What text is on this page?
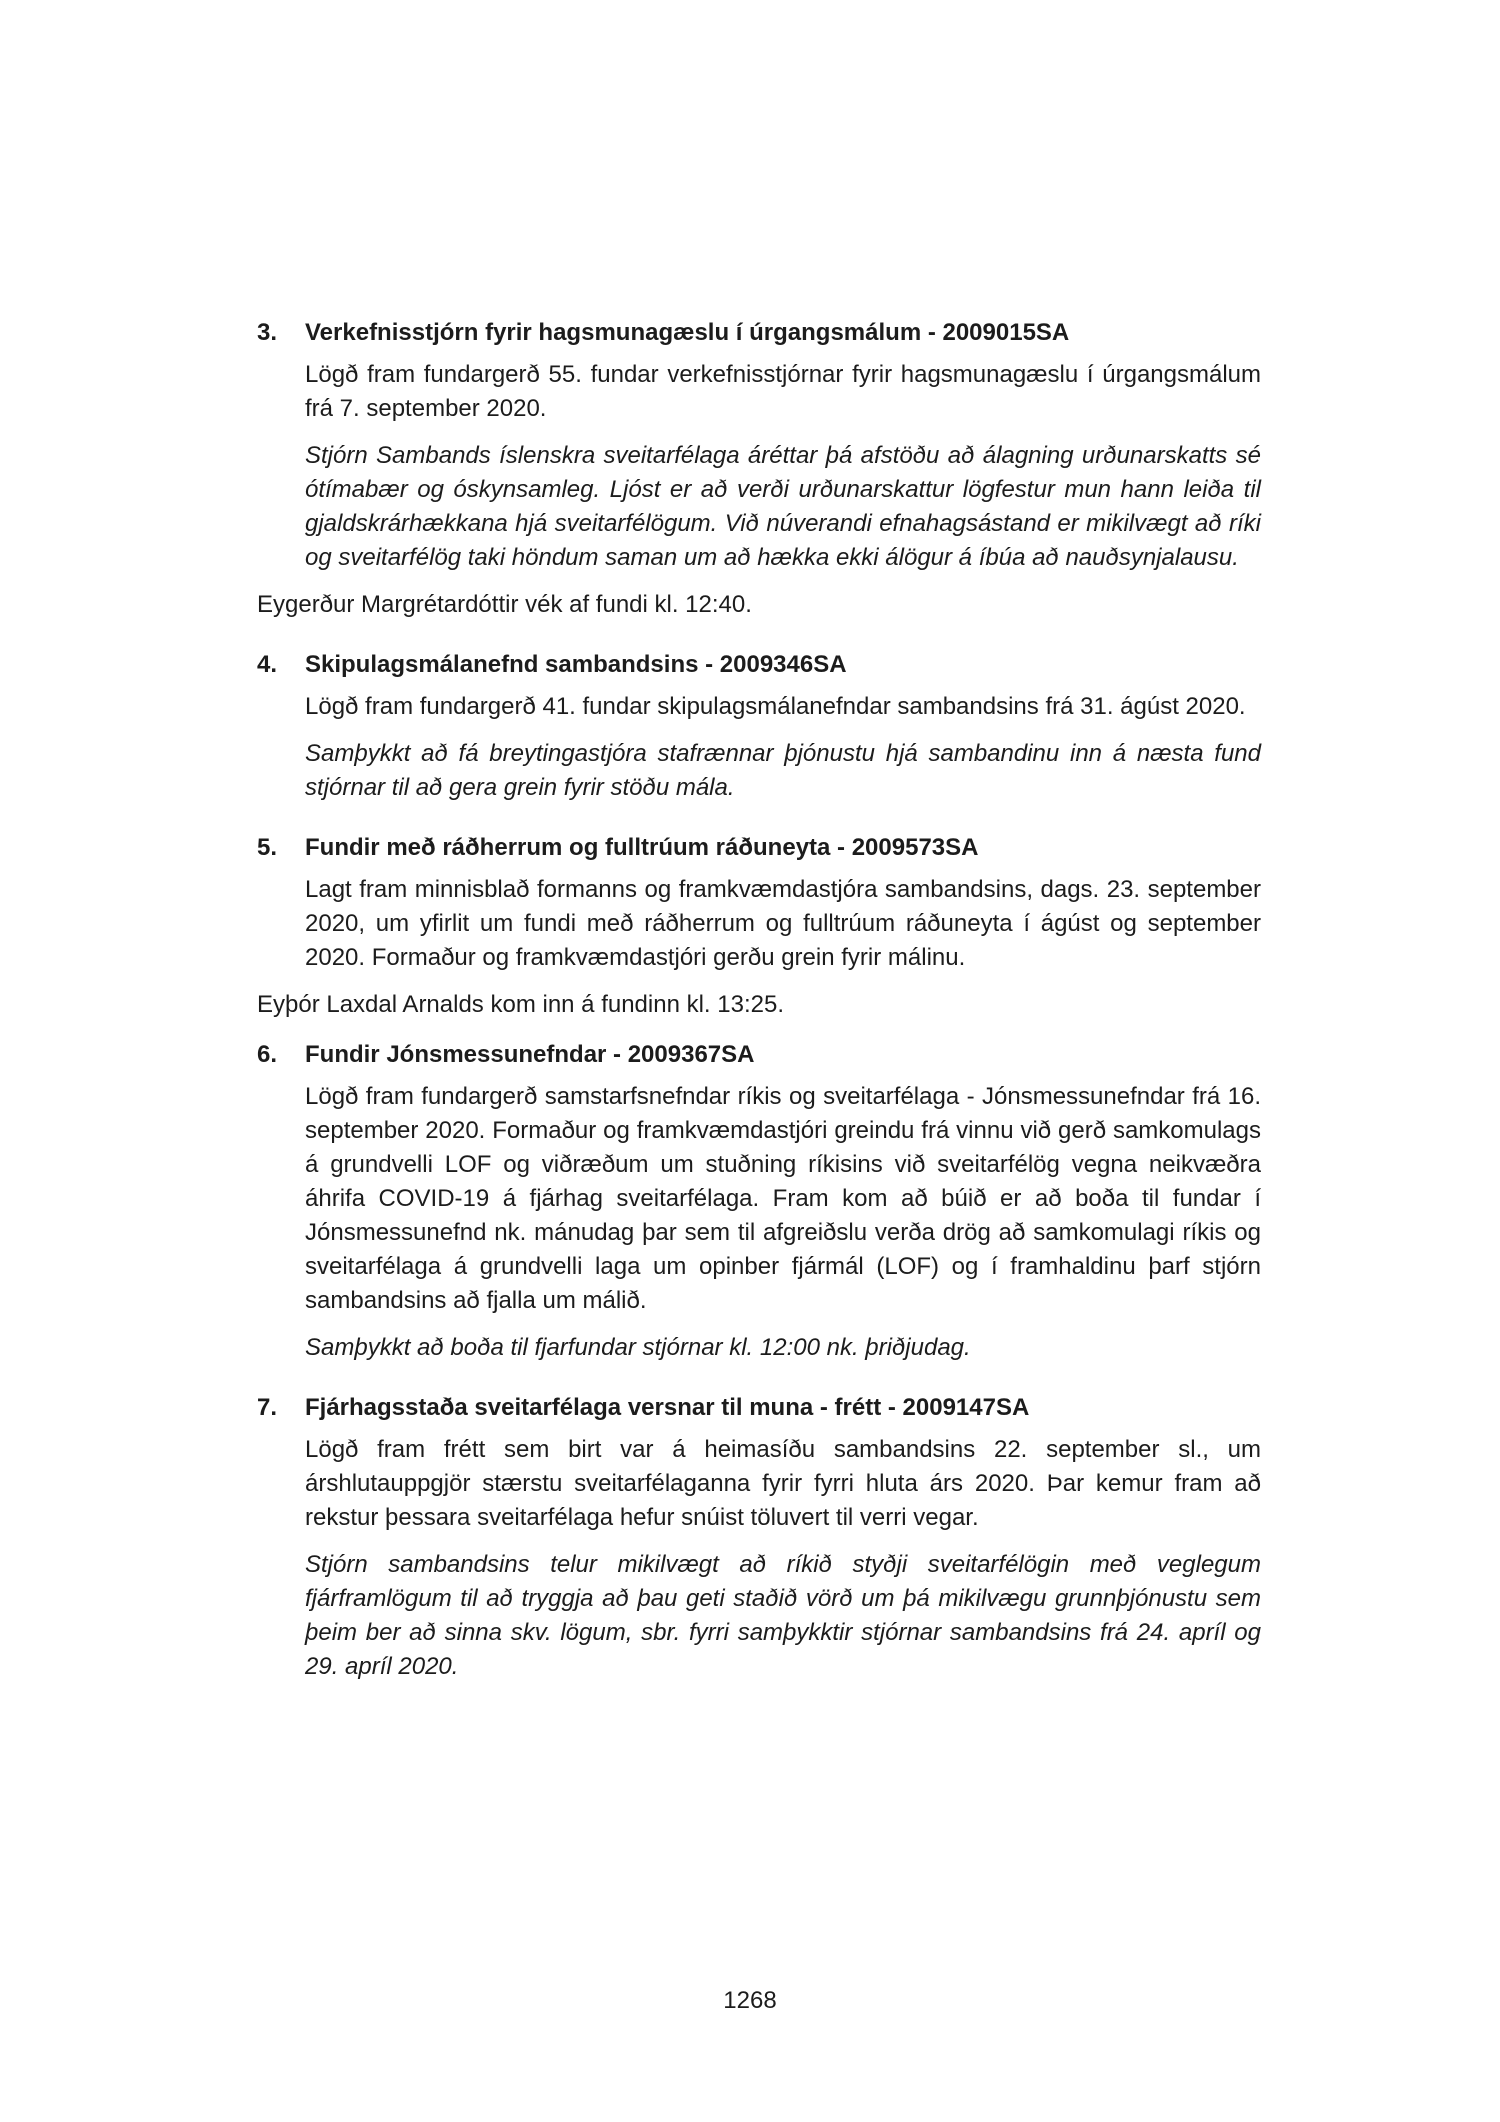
3.	Verkefnisstjórn fyrir hagsmunagæslu í úrgangsmálum - 2009015SA

Lögð fram fundargerð 55. fundar verkefnisstjórnar fyrir hagsmunagæslu í úrgangsmálum frá 7. september 2020.

Stjórn Sambands íslenskra sveitarfélaga áréttar þá afstöðu að álagning urðunarskatts sé ótímabær og óskynsamleg. Ljóst er að verði urðunarskattur lögfestur mun hann leiða til gjaldskrárhækkana hjá sveitarfélögum. Við núverandi efnahagsástand er mikilvægt að ríki og sveitarfélög taki höndum saman um að hækka ekki álögur á íbúa að nauðsynjalausu.

Eygerður Margrétardóttir vék af fundi kl. 12:40.

4.	Skipulagsmálanefnd sambandsins - 2009346SA

Lögð fram fundargerð 41. fundar skipulagsmálanefndar sambandsins frá 31. ágúst 2020.

Samþykkt að fá breytingastjóra stafrænnar þjónustu hjá sambandinu inn á næsta fund stjórnar til að gera grein fyrir stöðu mála.

5.	Fundir með ráðherrum og fulltrúum ráðuneyta - 2009573SA

Lagt fram minnisblað formanns og framkvæmdastjóra sambandsins, dags. 23. september 2020, um yfirlit um fundi með ráðherrum og fulltrúum ráðuneyta í ágúst og september 2020. Formaður og framkvæmdastjóri gerðu grein fyrir málinu.

Eyþór Laxdal Arnalds kom inn á fundinn kl. 13:25.

6.	Fundir Jónsmessunefndar - 2009367SA

Lögð fram fundargerð samstarfsnefndar ríkis og sveitarfélaga - Jónsmessunefndar frá 16. september 2020. Formaður og framkvæmdastjóri greindu frá vinnu við gerð samkomulags á grundvelli LOF og viðræðum um stuðning ríkisins við sveitarfélög vegna neikvæðra áhrifa COVID-19 á fjárhag sveitarfélaga. Fram kom að búið er að boða til fundar í Jónsmessunefnd nk. mánudag þar sem til afgreiðslu verða drög að samkomulagi ríkis og sveitarfélaga á grundvelli laga um opinber fjármál (LOF) og í framhaldinu þarf stjórn sambandsins að fjalla um málið.

Samþykkt að boða til fjarfundar stjórnar kl. 12:00 nk. þriðjudag.

7.	Fjárhagsstaða sveitarfélaga versnar til muna - frétt - 2009147SA

Lögð fram frétt sem birt var á heimasíðu sambandsins 22. september sl., um árshlutauppgjör stærstu sveitarfélaganna fyrir fyrri hluta árs 2020. Þar kemur fram að rekstur þessara sveitarfélaga hefur snúist töluvert til verri vegar.

Stjórn sambandsins telur mikilvægt að ríkið styðji sveitarfélögin með veglegum fjárframlögum til að tryggja að þau geti staðið vörð um þá mikilvægu grunnþjónustu sem þeim ber að sinna skv. lögum, sbr. fyrri samþykktir stjórnar sambandsins frá 24. apríl og 29. apríl 2020.

1268
